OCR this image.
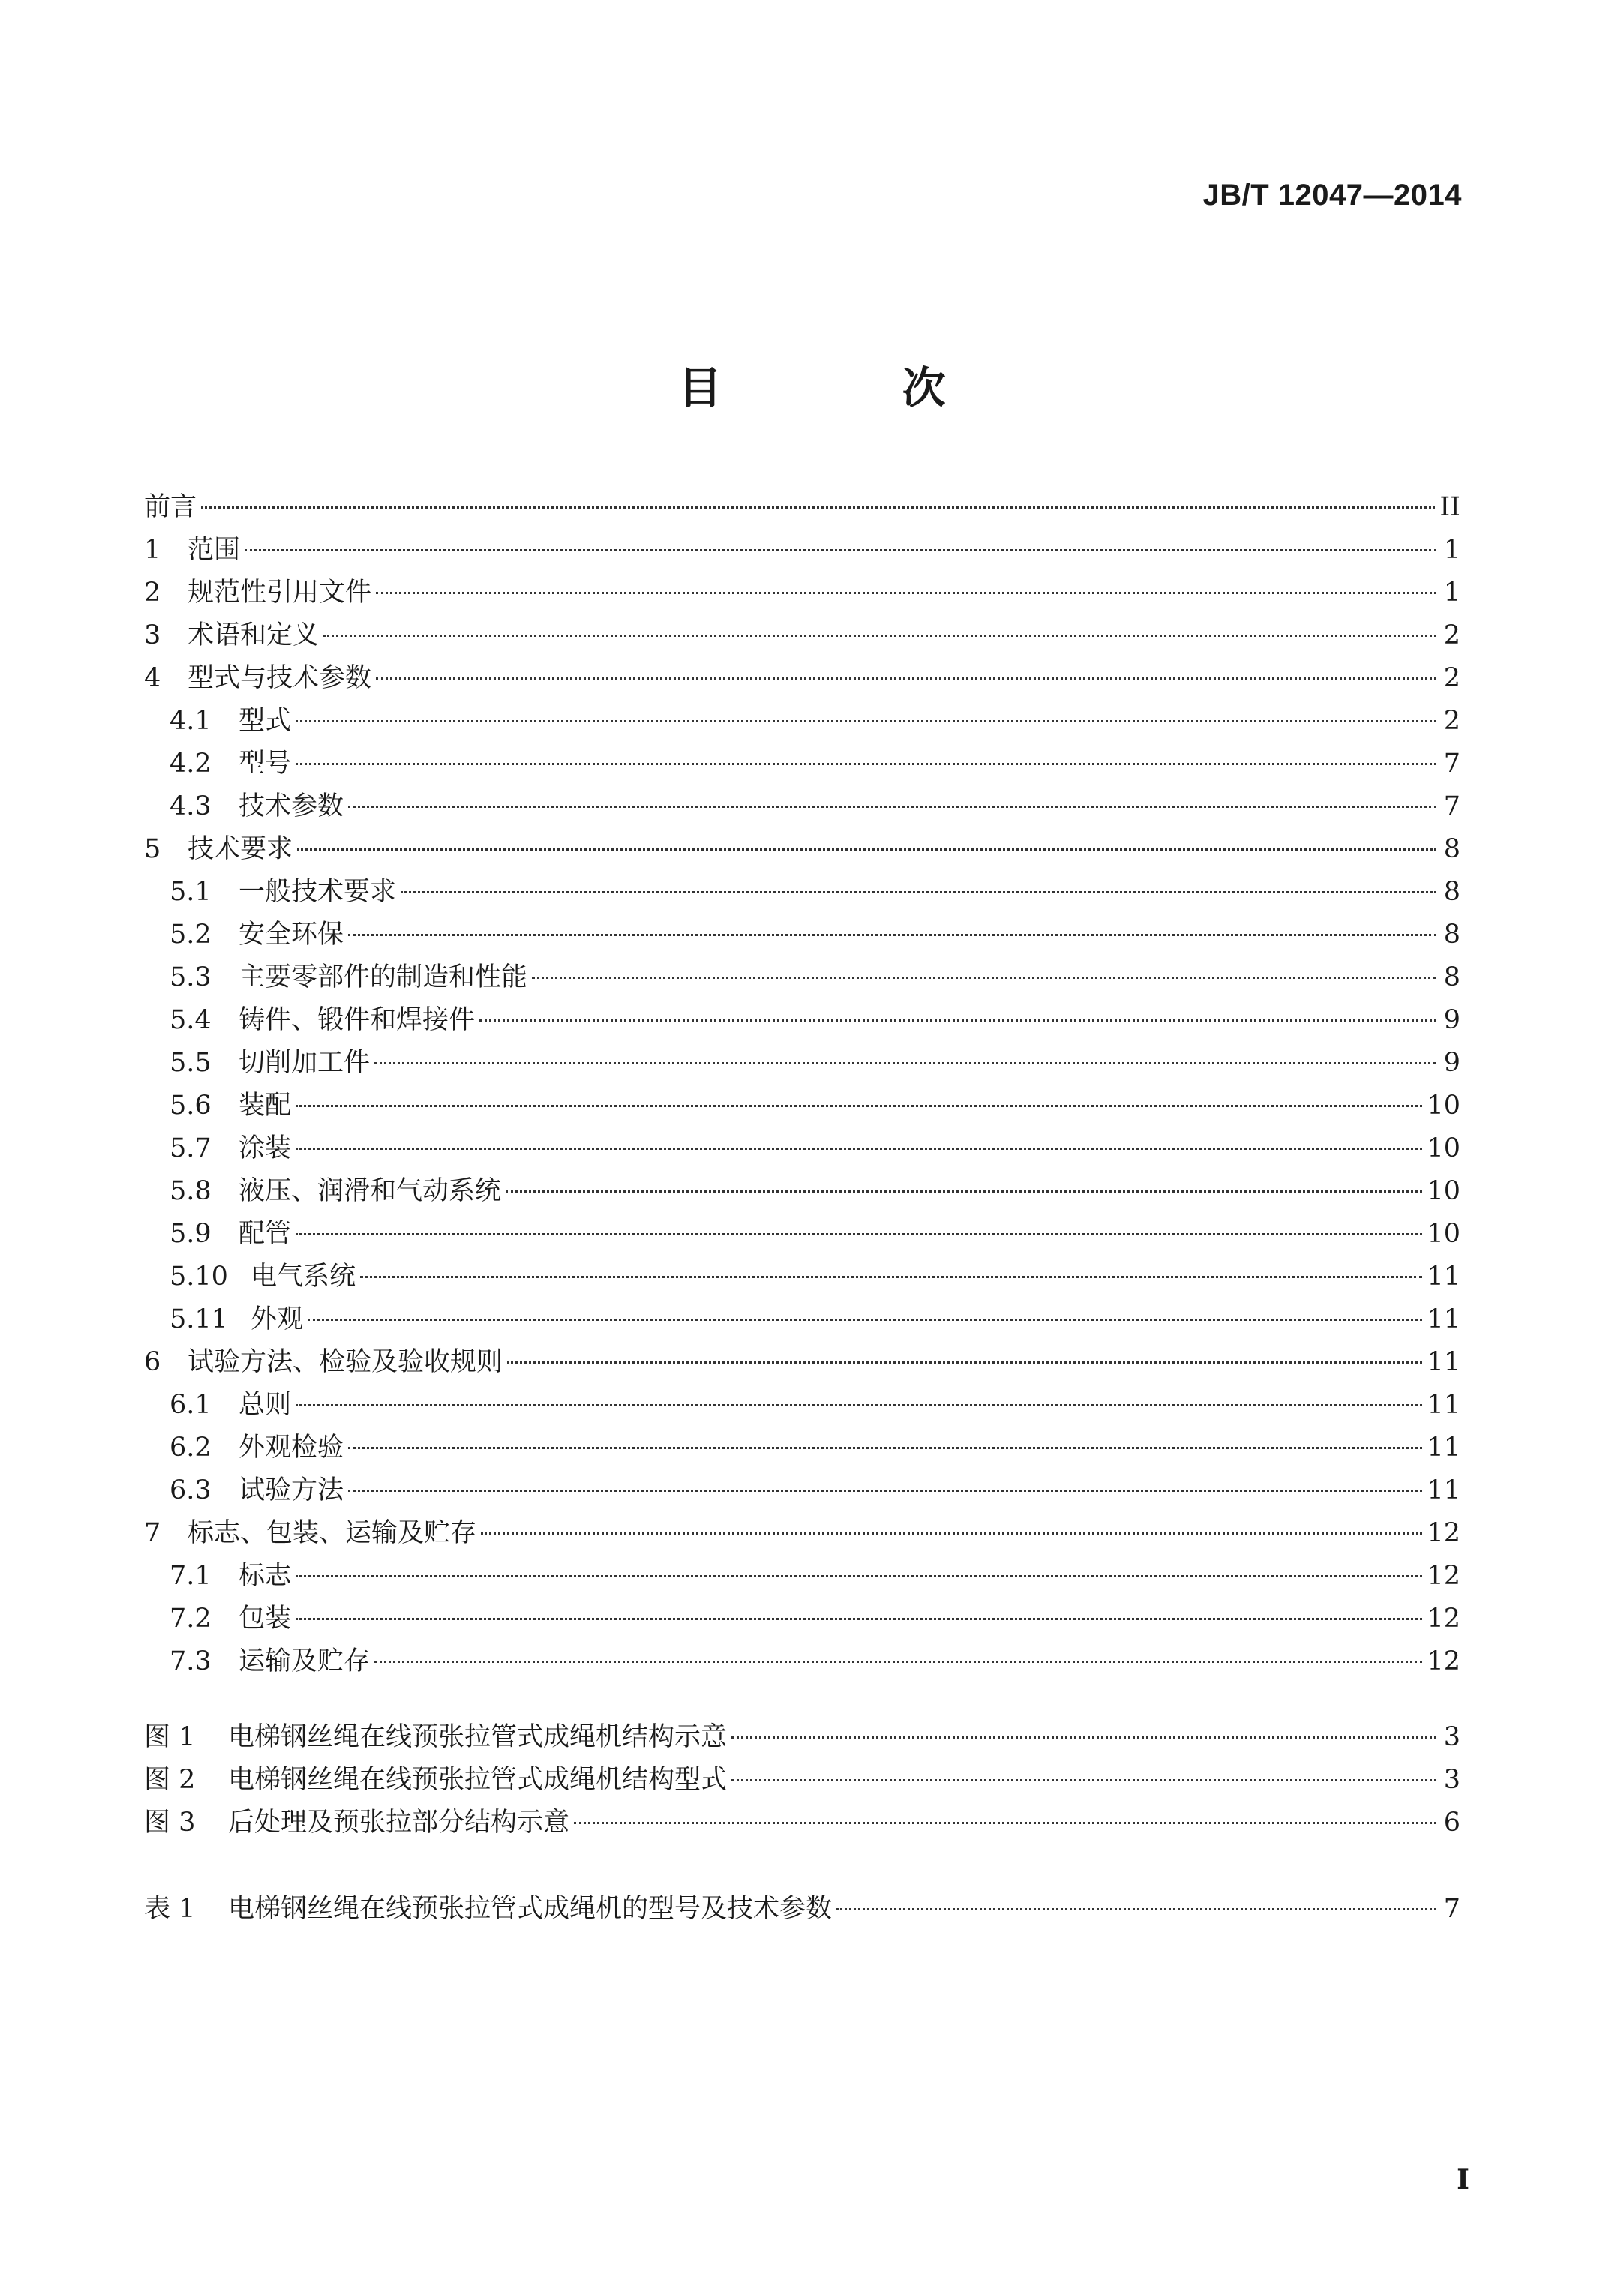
JB/T 12047—2014
目 次
前言	II
1	范围	1
2	规范性引用文件	1
3	术语和定义	2
4	型式与技术参数	2
4.1	型式	2
4.2	型号	7
4.3	技术参数	7
5	技术要求	8
5.1	一般技术要求	8
5.2	安全环保	8
5.3	主要零部件的制造和性能	8
5.4	铸件、锻件和焊接件	9
5.5	切削加工件	9
5.6	装配	10
5.7	涂装	10
5.8	液压、润滑和气动系统	10
5.9	配管	10
5.10 电气系统	11
5.11 外观	11
6	试验方法、检验及验收规则	11
6.1	总则	11
6.2	外观检验	11
6.3	试验方法	11
7	标志、包装、运输及贮存	12
7.1	标志	12
7.2	包装	12
7.3	运输及贮存	12
图 1	电梯钢丝绳在线预张拉管式成绳机结构示意	3
图 2	电梯钢丝绳在线预张拉管式成绳机结构型式	3
图 3	后处理及预张拉部分结构示意	6
表 1	电梯钢丝绳在线预张拉管式成绳机的型号及技术参数	7
I
